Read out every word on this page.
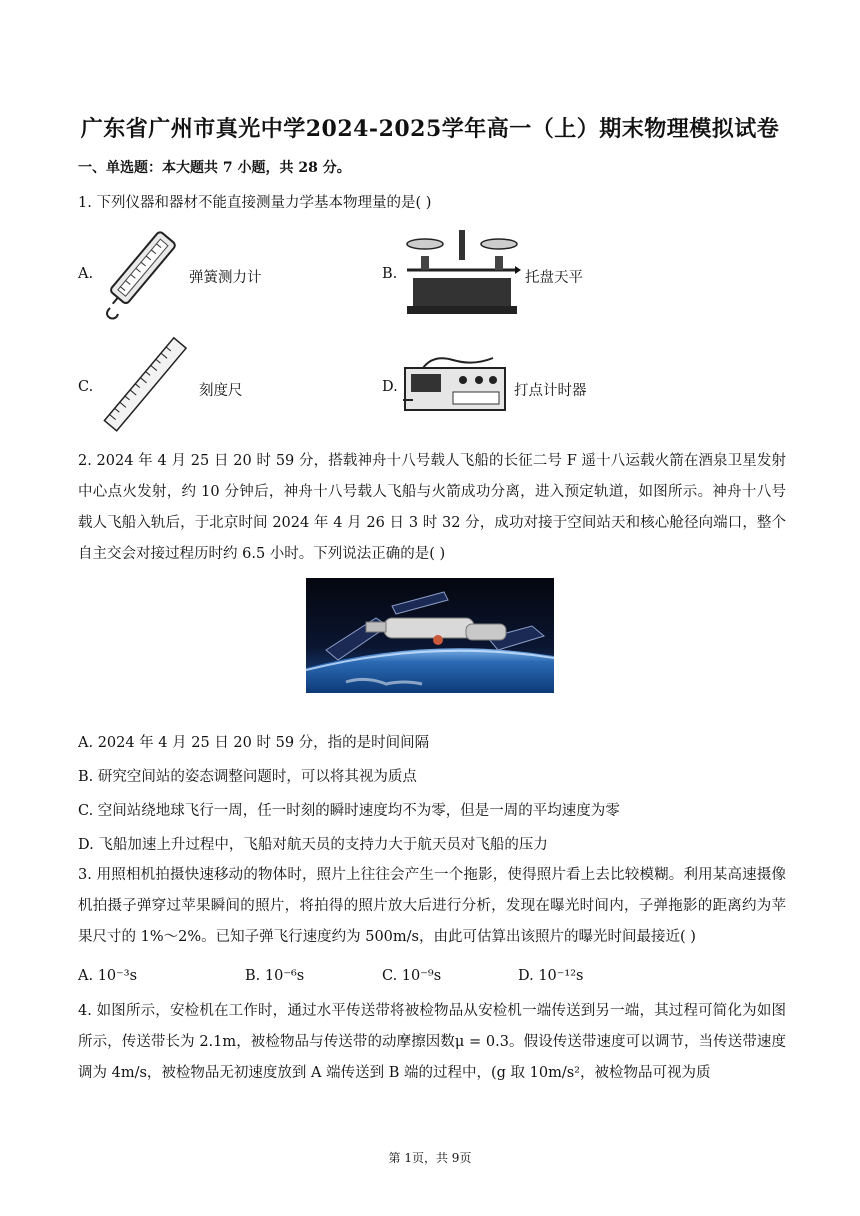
广东省广州市真光中学2024-2025学年高一（上）期末物理模拟试卷
一、单选题：本大题共 7 小题，共 28 分。
1. 下列仪器和器材不能直接测量力学基本物理量的是( )
A.	弹簧测力计	B.	托盘天平
C.	刻度尺	D.	打点计时器
2. 2024 年 4 月 25 日 20 时 59 分，搭载神舟十八号载人飞船的长征二号 F 遥十八运载火箭在酒泉卫星发射中心点火发射，约 10 分钟后，神舟十八号载人飞船与火箭成功分离，进入预定轨道，如图所示。神舟十八号载人飞船入轨后，于北京时间 2024 年 4 月 26 日 3 时 32 分，成功对接于空间站天和核心舱径向端口，整个自主交会对接过程历时约 6.5 小时。下列说法正确的是( )
A. 2024 年 4 月 25 日 20 时 59 分，指的是时间间隔
B. 研究空间站的姿态调整问题时，可以将其视为质点
C. 空间站绕地球飞行一周，任一时刻的瞬时速度均不为零，但是一周的平均速度为零
D. 飞船加速上升过程中，飞船对航天员的支持力大于航天员对飞船的压力
3. 用照相机拍摄快速移动的物体时，照片上往往会产生一个拖影，使得照片看上去比较模糊。利用某高速摄像机拍摄子弹穿过苹果瞬间的照片，将拍得的照片放大后进行分析，发现在曝光时间内，子弹拖影的距离约为苹果尺寸的 1%～2%。已知子弹飞行速度约为 500m/s，由此可估算出该照片的曝光时间最接近( )
A. 10⁻³s	B. 10⁻⁶s	C. 10⁻⁹s	D. 10⁻¹²s
4. 如图所示，安检机在工作时，通过水平传送带将被检物品从安检机一端传送到另一端，其过程可简化为如图所示，传送带长为 2.1m，被检物品与传送带的动摩擦因数μ = 0.3。假设传送带速度可以调节，当传送带速度调为 4m/s，被检物品无初速度放到 A 端传送到 B 端的过程中，(g 取 10m/s²，被检物品可视为质
第 1页，共 9页
